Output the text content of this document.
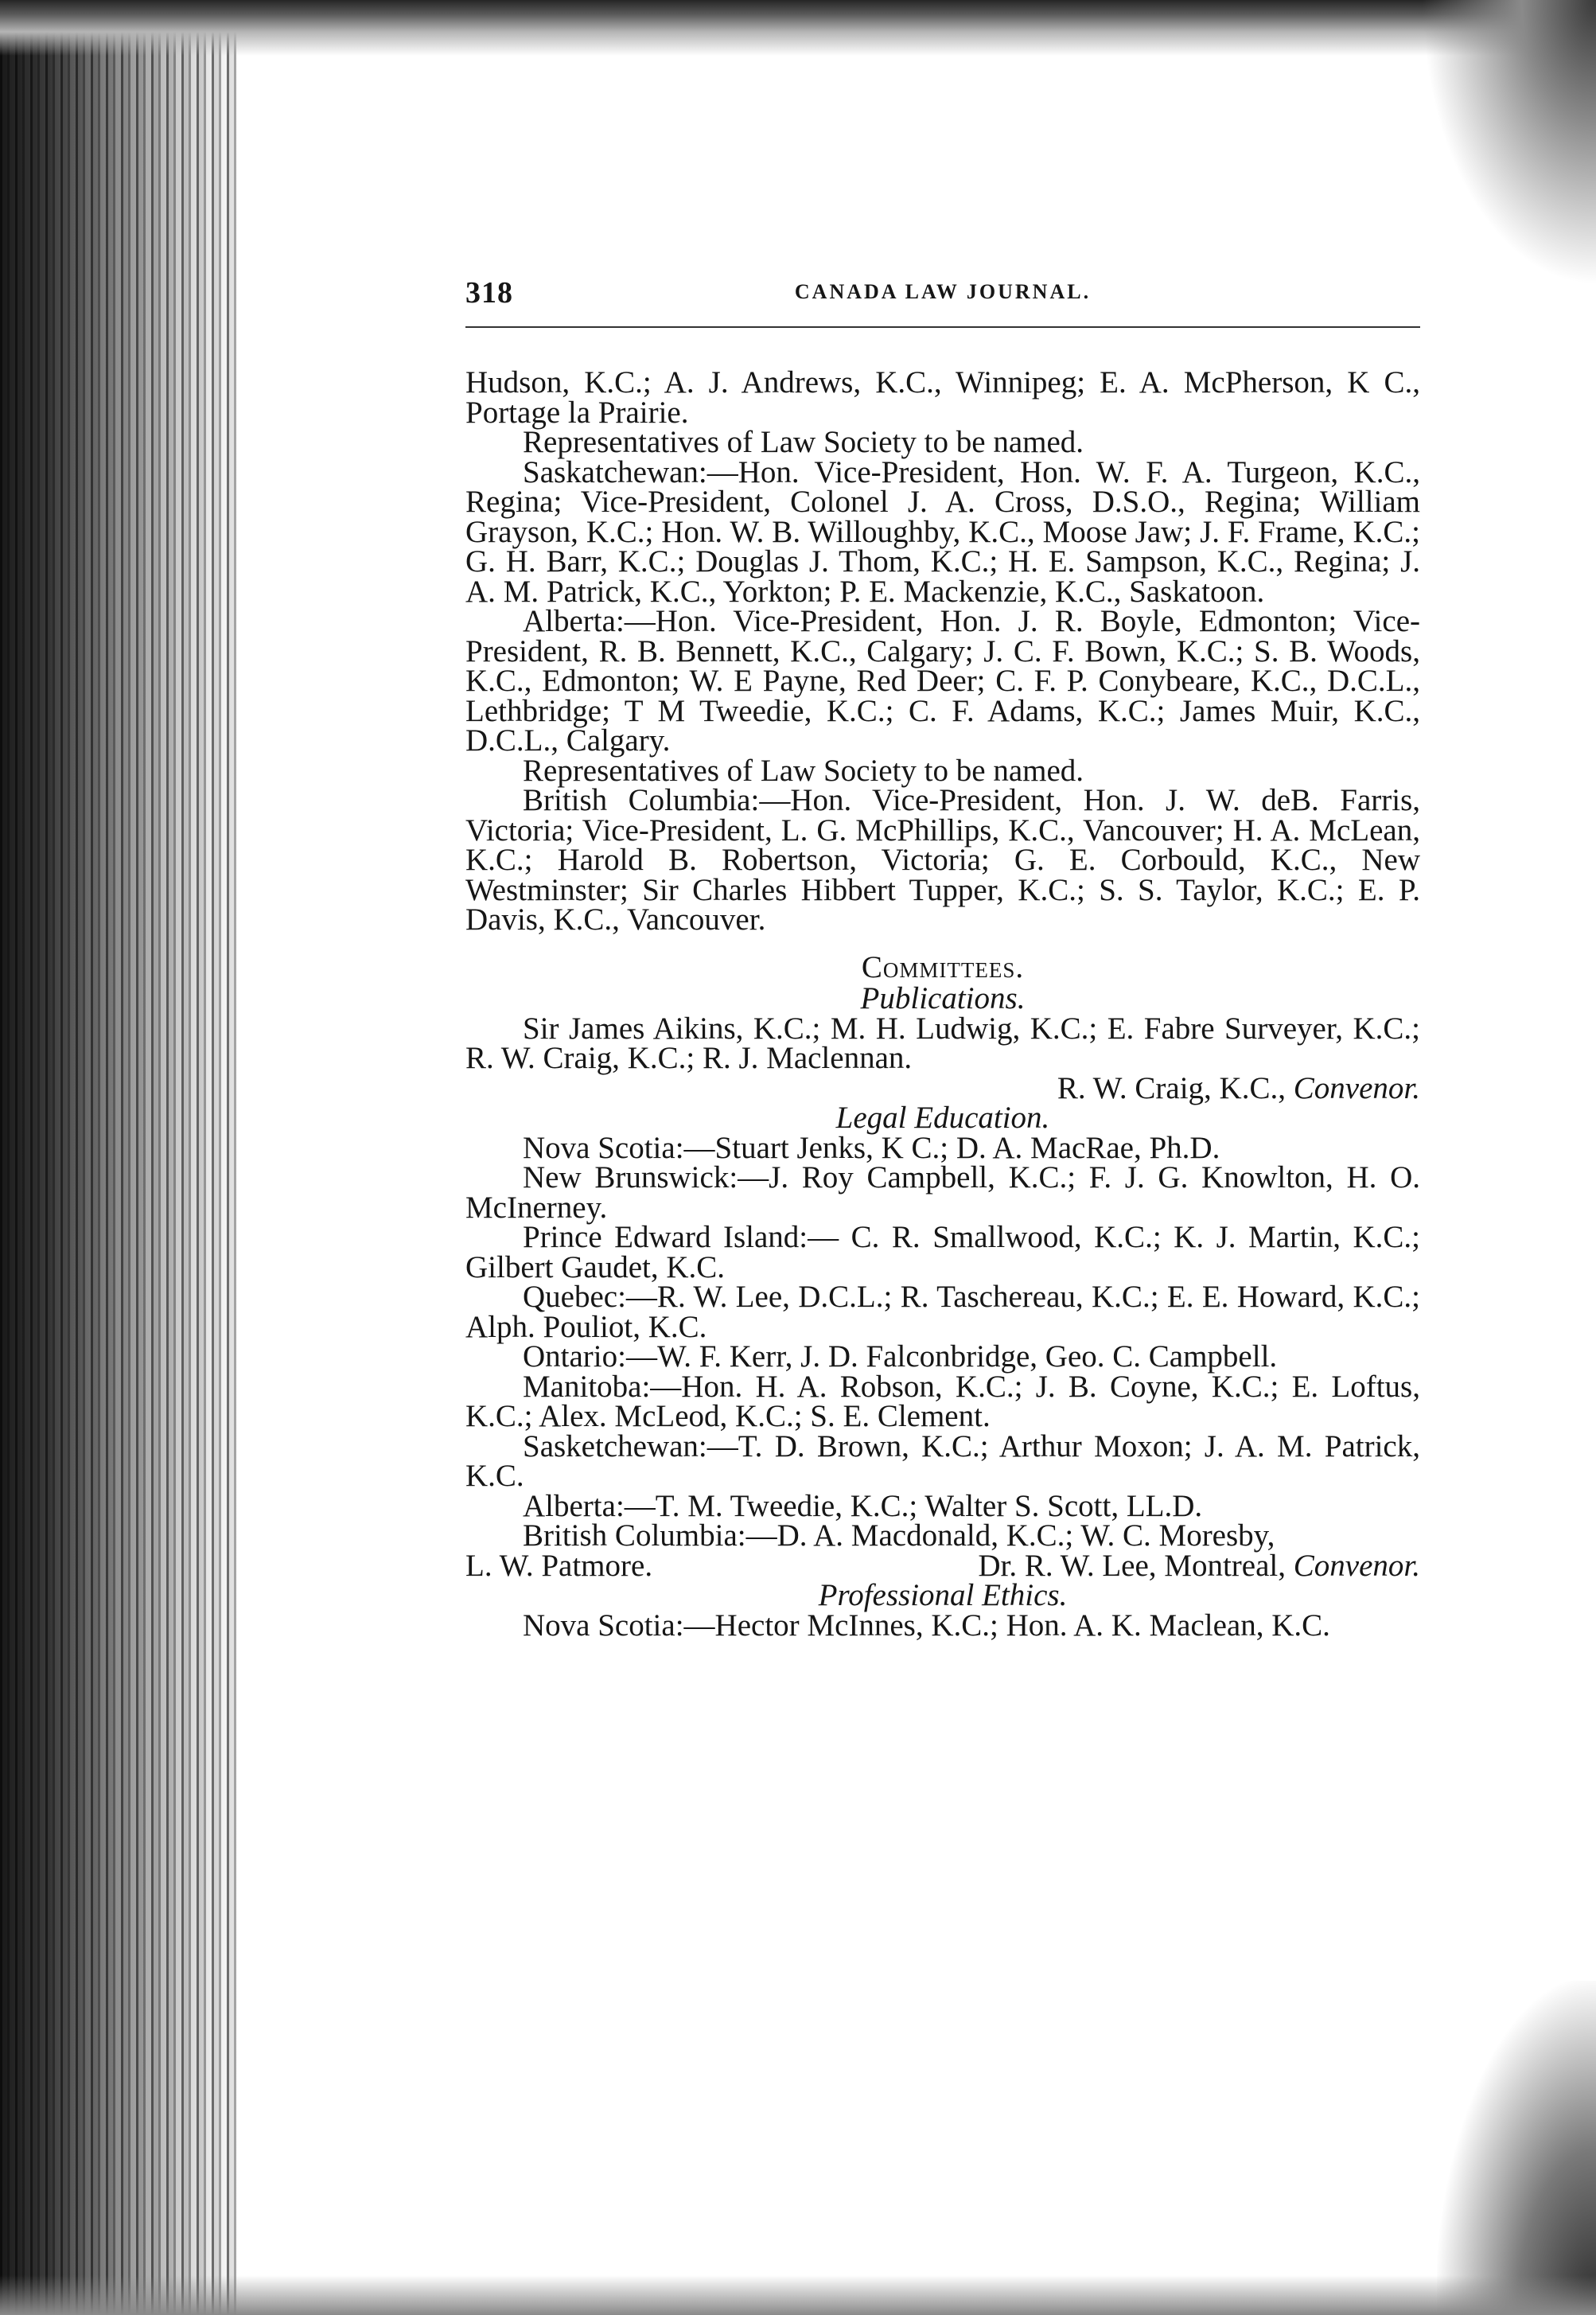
318	CANADA LAW JOURNAL.

Hudson, K.C.; A. J. Andrews, K.C., Winnipeg; E. A. McPherson, K C., Portage la Prairie.

Representatives of Law Society to be named.

Saskatchewan:—Hon. Vice-President, Hon. W. F. A. Turgeon, K.C., Regina; Vice-President, Colonel J. A. Cross, D.S.O., Regina; William Grayson, K.C.; Hon. W. B. Willoughby, K.C., Moose Jaw; J. F. Frame, K.C.; G. H. Barr, K.C.; Douglas J. Thom, K.C.; H. E. Sampson, K.C., Regina; J. A. M. Patrick, K.C., Yorkton; P. E. Mackenzie, K.C., Saskatoon.

Alberta:—Hon. Vice-President, Hon. J. R. Boyle, Edmonton; Vice-President, R. B. Bennett, K.C., Calgary; J. C. F. Bown, K.C.; S. B. Woods, K.C., Edmonton; W. E Payne, Red Deer; C. F. P. Conybeare, K.C., D.C.L., Lethbridge; T M Tweedie, K.C.; C. F. Adams, K.C.; James Muir, K.C., D.C.L., Calgary.

Representatives of Law Society to be named.

British Columbia:—Hon. Vice-President, Hon. J. W. deB. Farris, Victoria; Vice-President, L. G. McPhillips, K.C., Vancouver; H. A. McLean, K.C.; Harold B. Robertson, Victoria; G. E. Corbould, K.C., New Westminster; Sir Charles Hibbert Tupper, K.C.; S. S. Taylor, K.C.; E. P. Davis, K.C., Vancouver.

Committees.

Publications.

Sir James Aikins, K.C.; M. H. Ludwig, K.C.; E. Fabre Surveyer, K.C.; R. W. Craig, K.C.; R. J. Maclennan.

R. W. Craig, K.C., Convenor.

Legal Education.

Nova Scotia:—Stuart Jenks, K C.; D. A. MacRae, Ph.D.

New Brunswick:—J. Roy Campbell, K.C.; F. J. G. Knowlton, H. O. McInerney.

Prince Edward Island:— C. R. Smallwood, K.C.; K. J. Martin, K.C.; Gilbert Gaudet, K.C.

Quebec:—R. W. Lee, D.C.L.; R. Taschereau, K.C.; E. E. Howard, K.C.; Alph. Pouliot, K.C.

Ontario:—W. F. Kerr, J. D. Falconbridge, Geo. C. Campbell.

Manitoba:—Hon. H. A. Robson, K.C.; J. B. Coyne, K.C.; E. Loftus, K.C.; Alex. McLeod, K.C.; S. E. Clement.

Sasketchewan:—T. D. Brown, K.C.; Arthur Moxon; J. A. M. Patrick, K.C.

Alberta:—T. M. Tweedie, K.C.; Walter S. Scott, LL.D.

British Columbia:—D. A. Macdonald, K.C.; W. C. Moresby,

L. W. Patmore.	Dr. R. W. Lee, Montreal, Convenor.

Professional Ethics.

Nova Scotia:—Hector McInnes, K.C.; Hon. A. K. Maclean, K.C.
